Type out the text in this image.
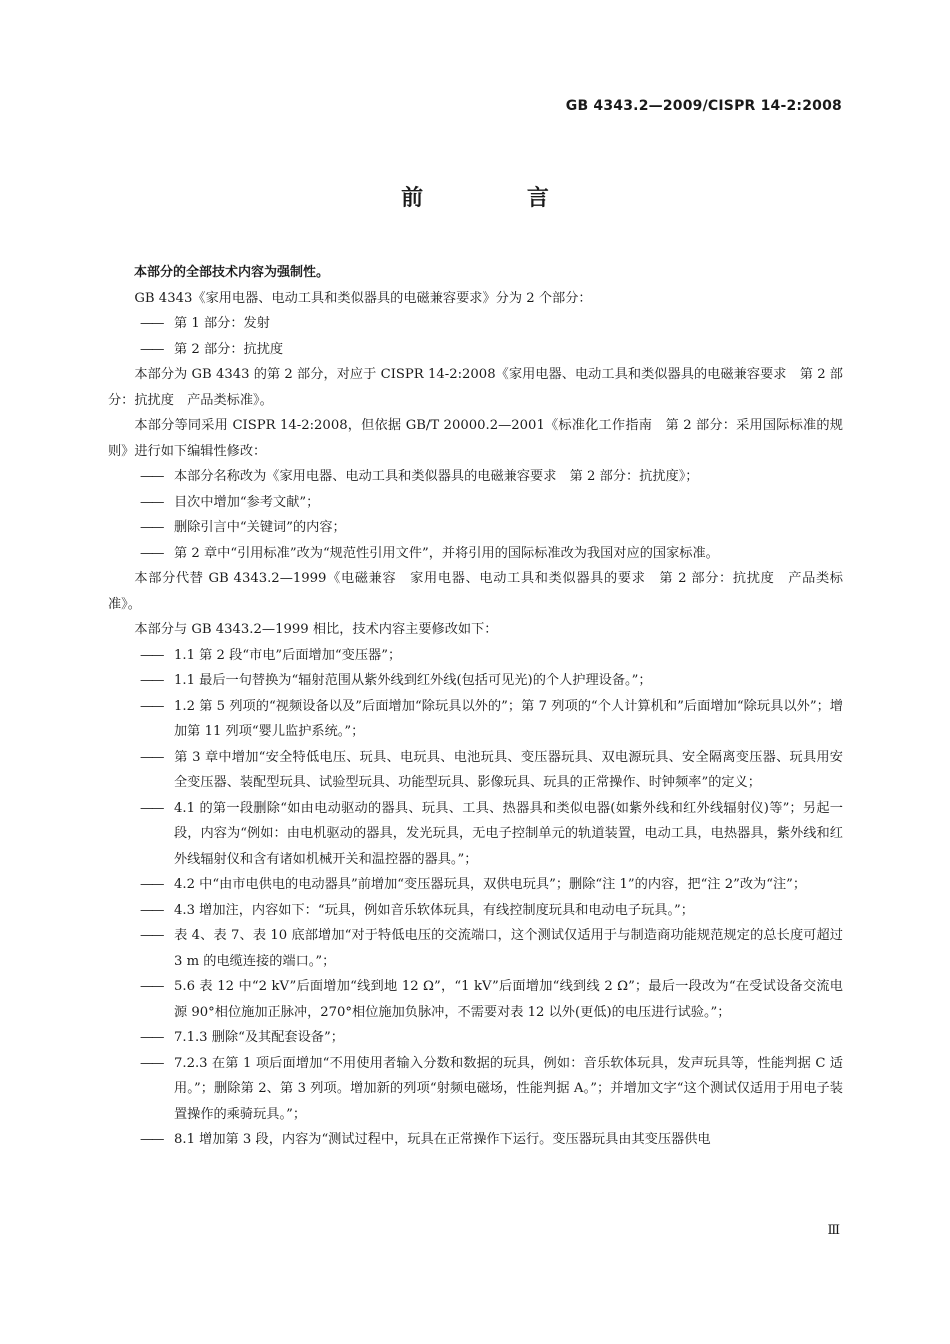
GB 4343.2—2009/CISPR 14-2:2008
前 言

本部分的全部技术内容为强制性。

GB 4343《家用电器、电动工具和类似器具的电磁兼容要求》分为 2 个部分：

—— 第 1 部分：发射

—— 第 2 部分：抗扰度

本部分为 GB 4343 的第 2 部分，对应于 CISPR 14-2:2008《家用电器、电动工具和类似器具的电磁兼容要求　第 2 部分：抗扰度　产品类标准》。

本部分等同采用 CISPR 14-2:2008，但依据 GB/T 20000.2—2001《标准化工作指南　第 2 部分：采用国际标准的规则》进行如下编辑性修改：

—— 本部分名称改为《家用电器、电动工具和类似器具的电磁兼容要求　第 2 部分：抗扰度》；

—— 目次中增加“参考文献”；

—— 删除引言中“关键词”的内容；

—— 第 2 章中“引用标准”改为“规范性引用文件”，并将引用的国际标准改为我国对应的国家标准。

本部分代替 GB 4343.2—1999《电磁兼容　家用电器、电动工具和类似器具的要求　第 2 部分：抗扰度　产品类标准》。

本部分与 GB 4343.2—1999 相比，技术内容主要修改如下：

—— 1.1 第 2 段“市电”后面增加“变压器”；

—— 1.1 最后一句替换为“辐射范围从紫外线到红外线(包括可见光)的个人护理设备。”；

—— 1.2 第 5 列项的“视频设备以及”后面增加“除玩具以外的”；第 7 列项的“个人计算机和”后面增加“除玩具以外”；增加第 11 列项“婴儿监护系统。”；

—— 第 3 章中增加“安全特低电压、玩具、电玩具、电池玩具、变压器玩具、双电源玩具、安全隔离变压器、玩具用安全变压器、装配型玩具、试验型玩具、功能型玩具、影像玩具、玩具的正常操作、时钟频率”的定义；

—— 4.1 的第一段删除“如由电动驱动的器具、玩具、工具、热器具和类似电器(如紫外线和红外线辐射仪)等”；另起一段，内容为“例如：由电机驱动的器具，发光玩具，无电子控制单元的轨道装置，电动工具，电热器具，紫外线和红外线辐射仪和含有诸如机械开关和温控器的器具。”；

—— 4.2 中“由市电供电的电动器具”前增加“变压器玩具，双供电玩具”；删除“注 1”的内容，把“注 2”改为“注”；

—— 4.3 增加注，内容如下：“玩具，例如音乐软体玩具，有线控制度玩具和电动电子玩具。”；

—— 表 4、表 7、表 10 底部增加“对于特低电压的交流端口，这个测试仅适用于与制造商功能规范规定的总长度可超过 3 m 的电缆连接的端口。”；

—— 5.6 表 12 中“2 kV”后面增加“线到地 12 Ω”，“1 kV”后面增加“线到线 2 Ω”；最后一段改为“在受试设备交流电源 90°相位施加正脉冲，270°相位施加负脉冲，不需要对表 12 以外(更低)的电压进行试验。”；

—— 7.1.3 删除“及其配套设备”；

—— 7.2.3 在第 1 项后面增加“不用使用者输入分数和数据的玩具，例如：音乐软体玩具，发声玩具等，性能判据 C 适用。”；删除第 2、第 3 列项。增加新的列项“射频电磁场，性能判据 A。”；并增加文字“这个测试仅适用于用电子装置操作的乘骑玩具。”；

—— 8.1 增加第 3 段，内容为“测试过程中，玩具在正常操作下运行。变压器玩具由其变压器供电

Ⅲ
